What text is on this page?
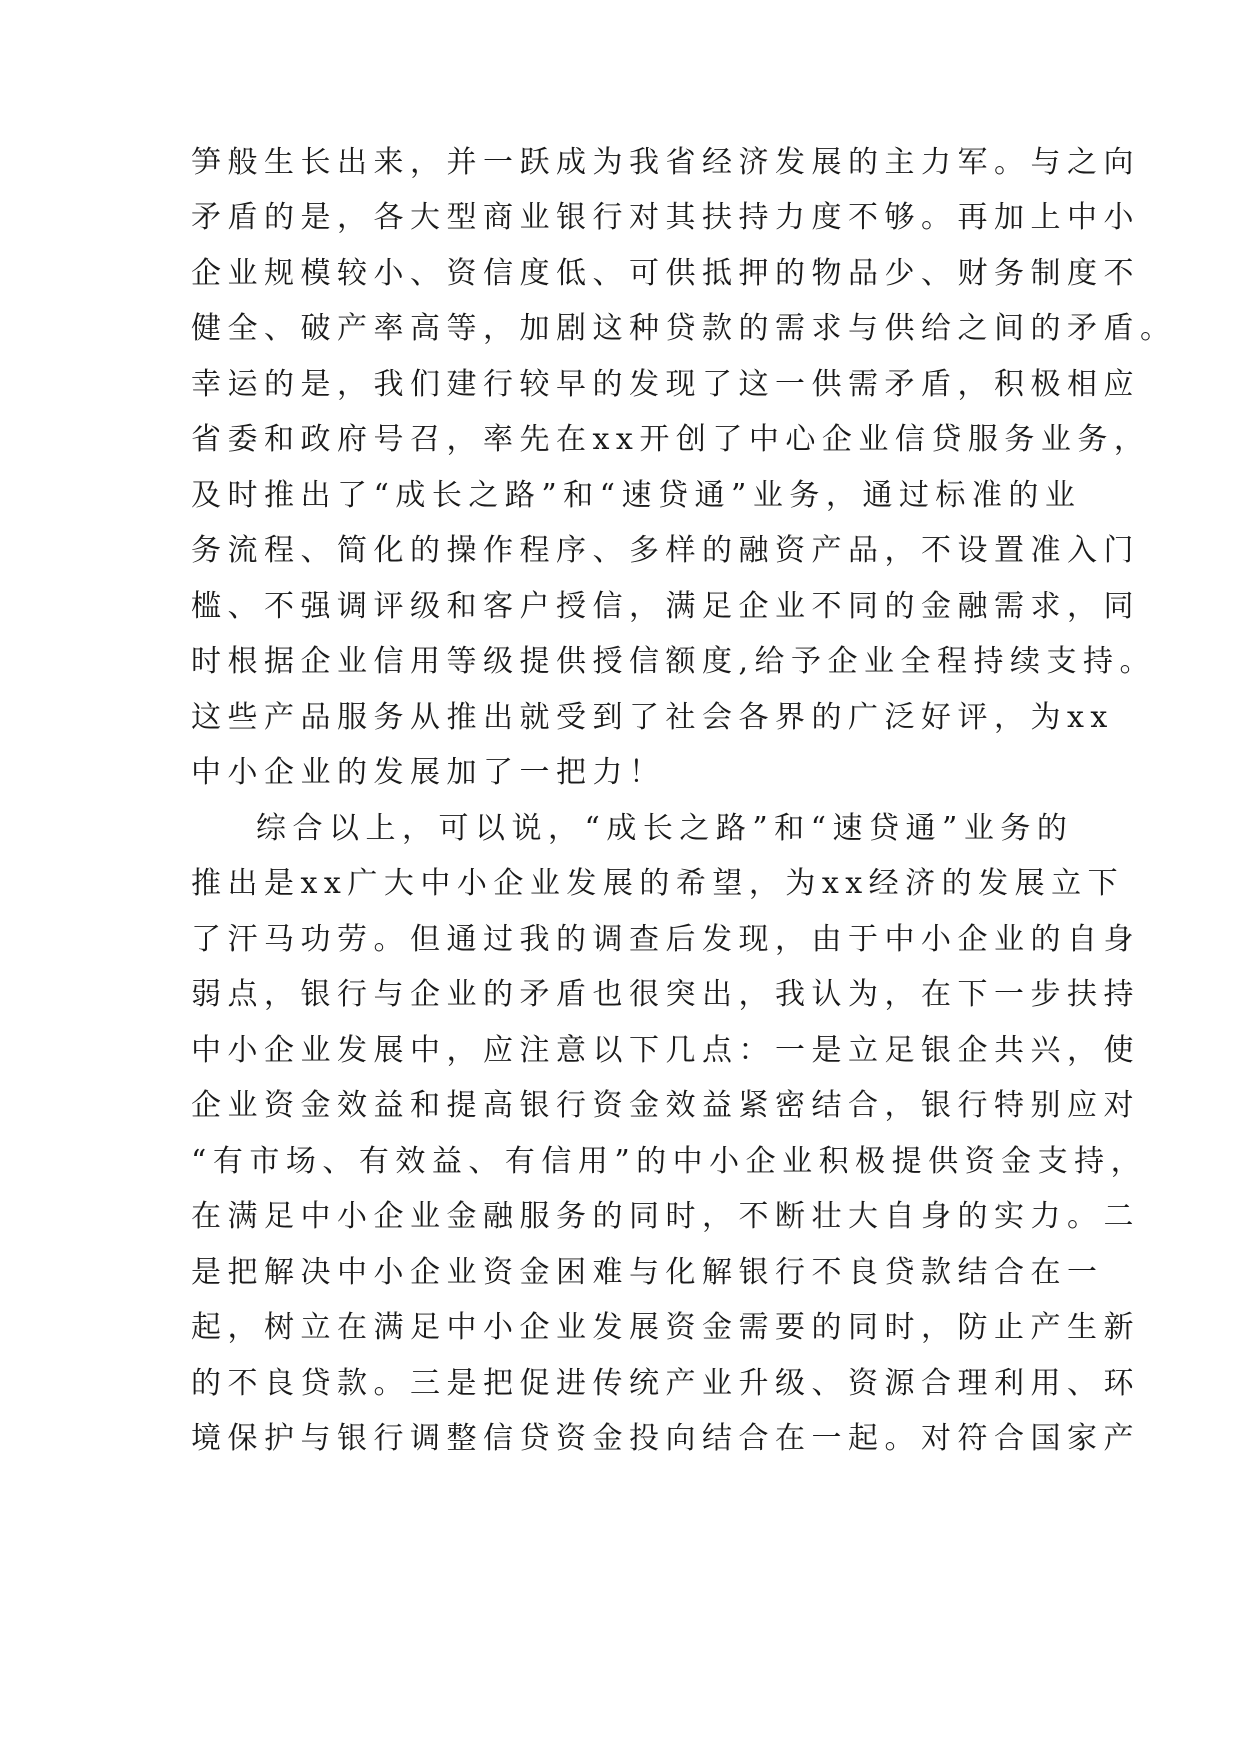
笋般生长出来，并一跃成为我省经济发展的主力军。与之向
矛盾的是，各大型商业银行对其扶持力度不够。再加上中小
企业规模较小、资信度低、可供抵押的物品少、财务制度不
健全、破产率高等，加剧这种贷款的需求与供给之间的矛盾。
幸运的是，我们建行较早的发现了这一供需矛盾，积极相应
省委和政府号召，率先在xx开创了中心企业信贷服务业务，
及时推出了“成长之路”和“速贷通”业务，通过标准的业
务流程、简化的操作程序、多样的融资产品，不设置准入门
槛、不强调评级和客户授信，满足企业不同的金融需求，同
时根据企业信用等级提供授信额度,给予企业全程持续支持。
这些产品服务从推出就受到了社会各界的广泛好评，为xx
中小企业的发展加了一把力！
综合以上，可以说，“成长之路”和“速贷通”业务的
推出是xx广大中小企业发展的希望，为xx经济的发展立下
了汗马功劳。但通过我的调查后发现，由于中小企业的自身
弱点，银行与企业的矛盾也很突出，我认为，在下一步扶持
中小企业发展中，应注意以下几点：一是立足银企共兴，使
企业资金效益和提高银行资金效益紧密结合，银行特别应对
“有市场、有效益、有信用”的中小企业积极提供资金支持，
在满足中小企业金融服务的同时，不断壮大自身的实力。二
是把解决中小企业资金困难与化解银行不良贷款结合在一
起，树立在满足中小企业发展资金需要的同时，防止产生新
的不良贷款。三是把促进传统产业升级、资源合理利用、环
境保护与银行调整信贷资金投向结合在一起。对符合国家产
